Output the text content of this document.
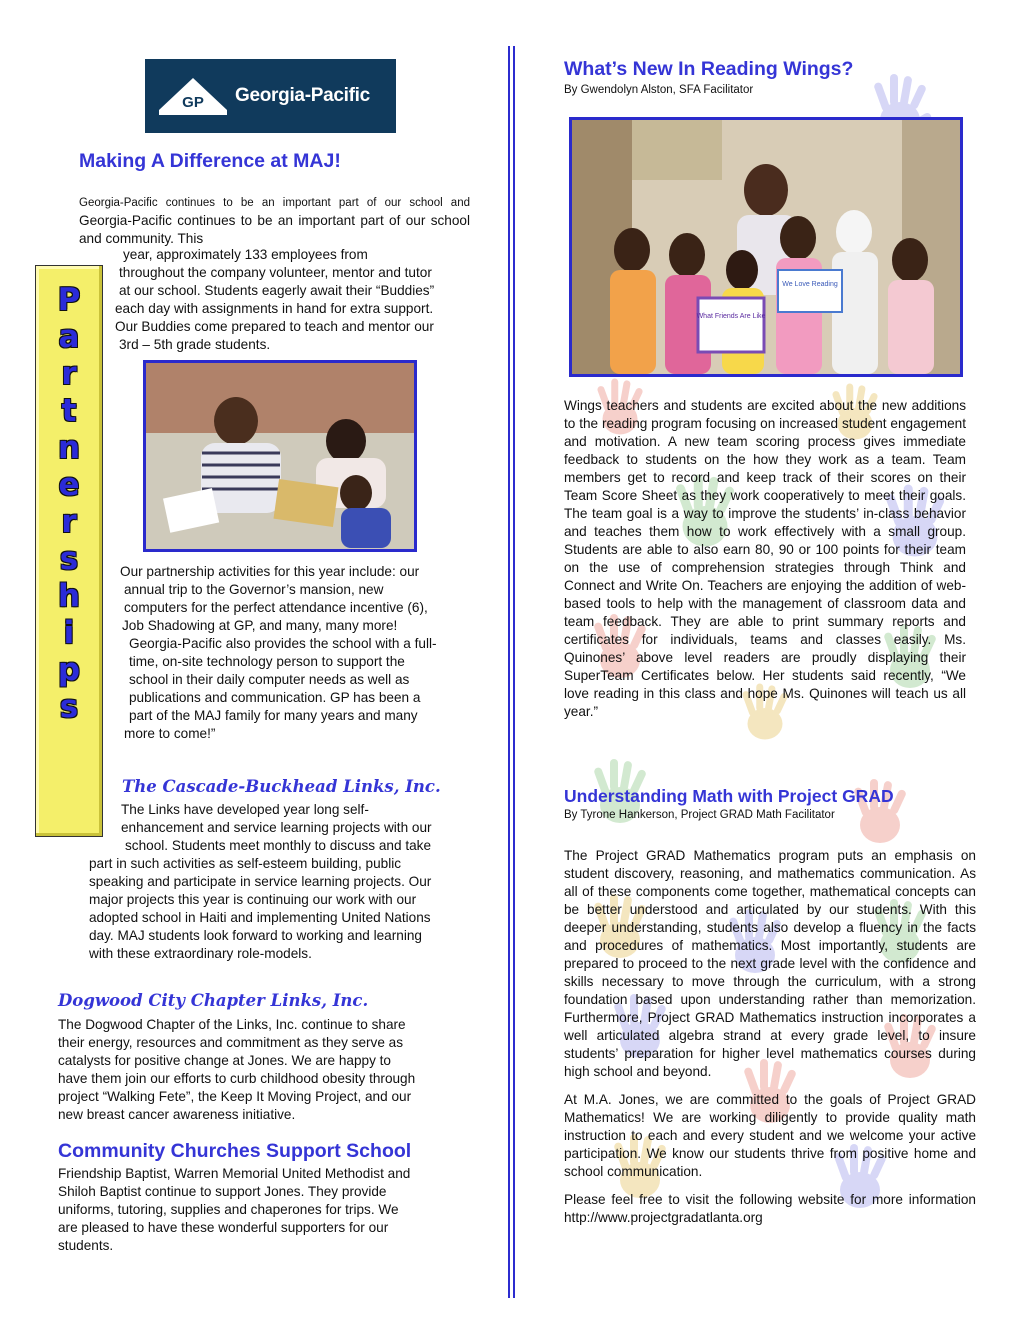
GP Georgia-Pacific
Making A Difference at MAJ!
Georgia-Pacific continues to be an important part of our school and Georgia-Pacific continues to be an important part of our school and community. This

year, approximately 133 employees from

throughout the company volunteer, mentor and tutor

at our school. Students eagerly await their “Buddies”

each day with assignments in hand for extra support.

Our Buddies come prepared to teach and mentor our

3rd – 5th grade students.

P
a
r
t
n
e
r
s
h
i
p
s

Our partnership activities for this year include: our

annual trip to the Governor’s mansion, new

computers for the perfect attendance incentive (6),

Job Shadowing at GP, and many, many more!

Georgia-Pacific also provides the school with a full-

time, on-site technology person to support the

school in their daily computer needs as well as

publications and communication. GP has been a

part of the MAJ family for many years and many

more to come!”

The Cascade-Buckhead Links, Inc.

The Links have developed year long self-

enhancement and service learning projects with our

school. Students meet monthly to discuss and take

part in such activities as self-esteem building, public

speaking and participate in service learning projects. Our

major projects this year is continuing our work with our

adopted school in Haiti and implementing United Nations

day. MAJ students look forward to working and learning

with these extraordinary role-models.

Dogwood City Chapter Links, Inc.

The Dogwood Chapter of the Links, Inc. continue to share

their energy, resources and commitment as they serve as

catalysts for positive change at Jones. We are happy to

have them join our efforts to curb childhood obesity through

project “Walking Fete”, the Keep It Moving Project, and our

new breast cancer awareness initiative.

Community Churches Support School

Friendship Baptist, Warren Memorial United Methodist and

Shiloh Baptist continue to support Jones. They provide

uniforms, tutoring, supplies and chaperones for trips. We

are pleased to have these wonderful supporters for our

students.

What’s New In Reading Wings?
By Gwendolyn Alston, SFA Facilitator
What Friends Are Like
We Love Reading
Wings teachers and students are excited about the new additions to the reading program focusing on increased student engagement and motivation. A new team scoring process gives immediate feedback to students on the how they work as a team. Team members get to record and keep track of their scores on their Team Score Sheet as they work cooperatively to meet their goals. The team goal is a way to improve the students’ in-class behavior and teaches them how to work effectively with a small group. Students are able to also earn 80, 90 or 100 points for their team on the use of comprehension strategies through Think and Connect and Write On. Teachers are enjoying the addition of web-based tools to help with the management of classroom data and team feedback. They are able to print summary reports and certificates for individuals, teams and classes easily. Ms. Quinones’ above level readers are proudly displaying their SuperTeam Certificates below. Her students said recently, “We love reading in this class and hope Ms. Quinones will teach us all year.”
Understanding Math with Project GRAD
By Tyrone Hankerson, Project GRAD Math Facilitator

The Project GRAD Mathematics program puts an emphasis on student discovery, reasoning, and mathematics communication. As all of these components come together, mathematical concepts can be better understood and articulated by our students. With this deeper understanding, students also develop a fluency in the facts and procedures of mathematics. Most importantly, students are prepared to proceed to the next grade level with the confidence and skills necessary to move through the curriculum, with a strong foundation based upon understanding rather than memorization. Furthermore, Project GRAD Mathematics instruction incorporates a well articulated algebra strand at every grade level, to insure students’ preparation for higher level mathematics courses during high school and beyond.

At M.A. Jones, we are committed to the goals of Project GRAD Mathematics! We are working diligently to provide quality math instruction to each and every student and we welcome your active participation. We know our students thrive from positive home and school communication.

Please feel free to visit the following website for more information http://www.projectgradatlanta.org
